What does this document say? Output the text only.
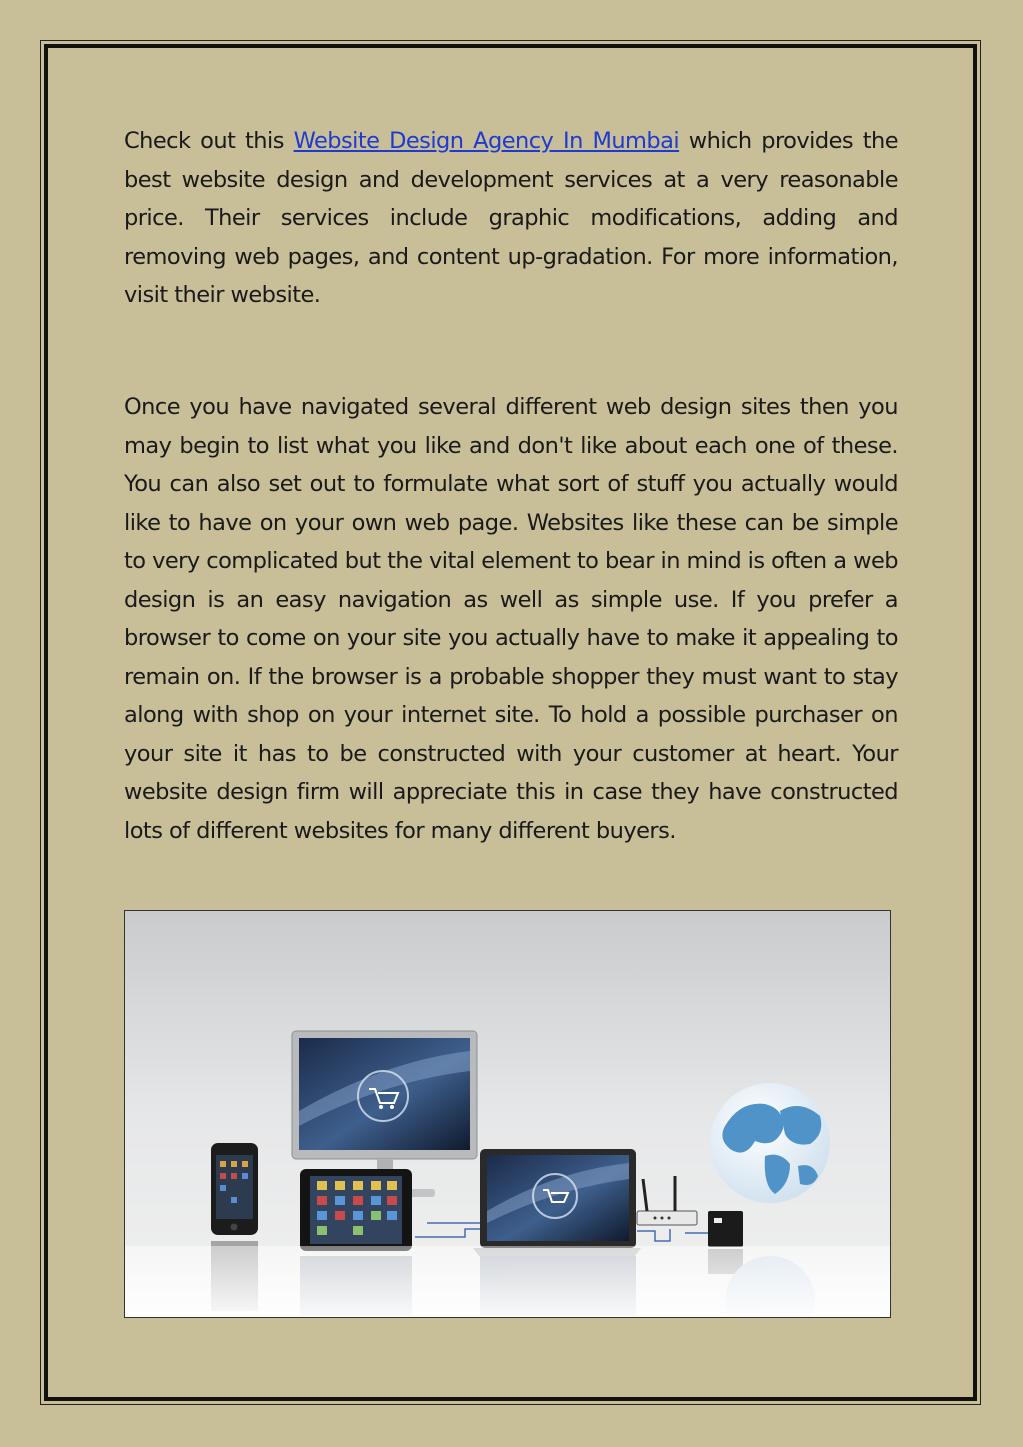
Check out this Website Design Agency In Mumbai which provides the best website design and development services at a very reasonable price. Their services include graphic modifications, adding and removing web pages, and content up-gradation. For more information, visit their website.

Once you have navigated several different web design sites then you may begin to list what you like and don't like about each one of these. You can also set out to formulate what sort of stuff you actually would like to have on your own web page. Websites like these can be simple to very complicated but the vital element to bear in mind is often a web design is an easy navigation as well as simple use. If you prefer a browser to come on your site you actually have to make it appealing to remain on. If the browser is a probable shopper they must want to stay along with shop on your internet site. To hold a possible purchaser on your site it has to be constructed with your customer at heart. Your website design firm will appreciate this in case they have constructed lots of different websites for many different buyers.
